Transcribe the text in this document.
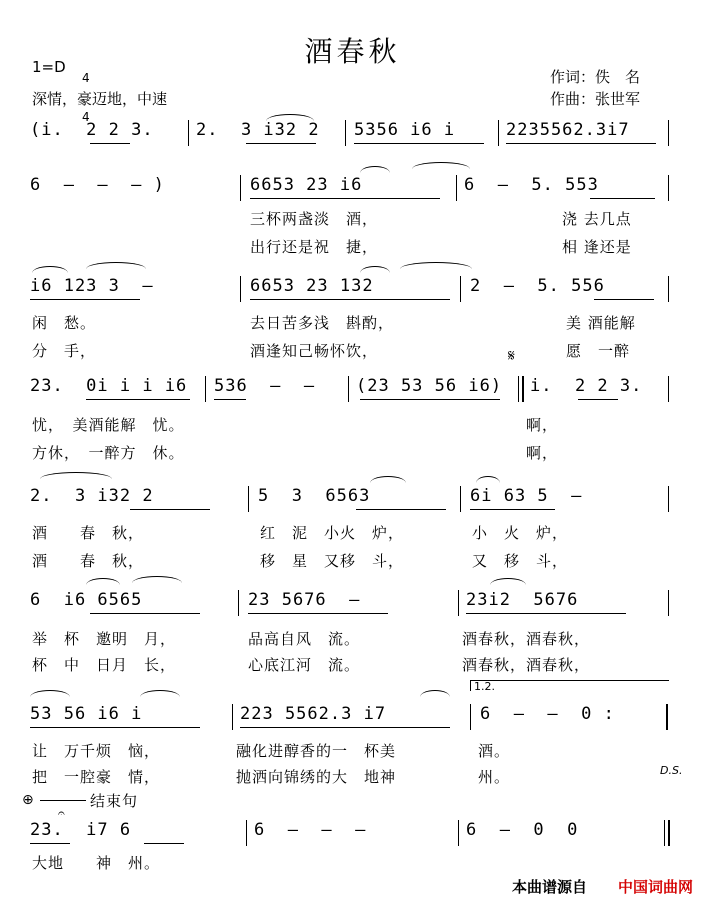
酒春秋
1=D

4

4

深情，豪迈地，中速
作词：佚　名
作曲：张世军
(i.  2 2 3. 2.  3 i32 2 5356 i6 i	2235562.3i7
6  –  –  – )	6653 23 i6	6  –  5. 553
三杯两盏淡　酒，	浇 去几点
出行还是祝　捷，	相 逢还是
i6 123 3  –	6653 23 132	2  –  5. 556
闲　愁。	去日苦多浅　斟酌，	美 酒能解
分　手，	酒逢知己畅怀饮，	愿　一醉
𝄋
23.  0i i i i6 536  –  – (23 53 56 i6) i.  2 2 3.
忧，　美酒能解　忧。	啊，
方休，　一醉方　休。	啊，
2.  3 i32 2	5  3  6563	6i 63 5  –
酒　　春　秋，	红　泥　小火　炉，	小　火　炉，
酒　　春　秋，	移　星　又移　斗，	又　移　斗，
6  i6 6565	23 5676  –	23i2  5676
举　杯　邀明　月，	品高自风　流。	酒春秋，酒春秋，
杯　中　日月　长，	心底江河　流。	酒春秋，酒春秋，
1.2.
53 56 i6 i	223 5562.3 i7	6  –  –  0 :
让　万千烦　恼，	融化进醇香的一　杯美	酒。
把　一腔豪　情，	抛洒向锦绣的大　地神	州。	D.S.
⊕	结束句
23.  i7 6	6  –  –  –	6  –  0  0
𝄐
大地　　神　州。
本曲谱源自 中国词曲网
